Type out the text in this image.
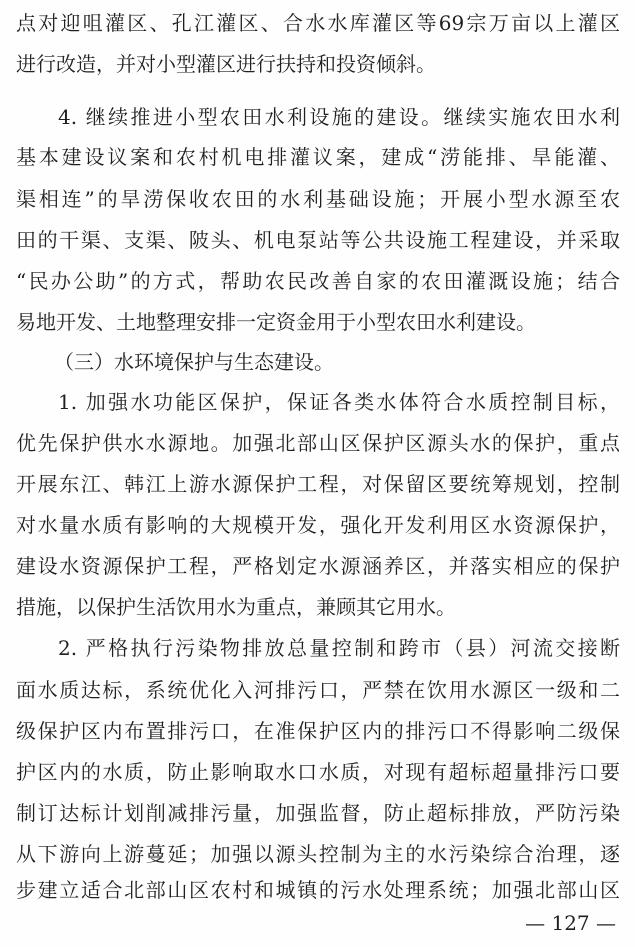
点对迎咀灌区、孔江灌区、合水水库灌区等69宗万亩以上灌区
进行改造，并对小型灌区进行扶持和投资倾斜。
4. 继续推进小型农田水利设施的建设。继续实施农田水利
基本建设议案和农村机电排灌议案，建成“涝能排、旱能灌、
渠相连”的旱涝保收农田的水利基础设施；开展小型水源至农
田的干渠、支渠、陂头、机电泵站等公共设施工程建设，并采取
“民办公助”的方式，帮助农民改善自家的农田灌溉设施；结合
易地开发、土地整理安排一定资金用于小型农田水利建设。
（三）水环境保护与生态建设。
1. 加强水功能区保护，保证各类水体符合水质控制目标，
优先保护供水水源地。加强北部山区保护区源头水的保护，重点
开展东江、韩江上游水源保护工程，对保留区要统筹规划，控制
对水量水质有影响的大规模开发，强化开发利用区水资源保护，
建设水资源保护工程，严格划定水源涵养区，并落实相应的保护
措施，以保护生活饮用水为重点，兼顾其它用水。
2. 严格执行污染物排放总量控制和跨市（县）河流交接断
面水质达标，系统优化入河排污口，严禁在饮用水源区一级和二
级保护区内布置排污口，在准保护区内的排污口不得影响二级保
护区内的水质，防止影响取水口水质，对现有超标超量排污口要
制订达标计划削减排污量，加强监督，防止超标排放，严防污染
从下游向上游蔓延；加强以源头控制为主的水污染综合治理，逐
步建立适合北部山区农村和城镇的污水处理系统；加强北部山区
— 127 —
